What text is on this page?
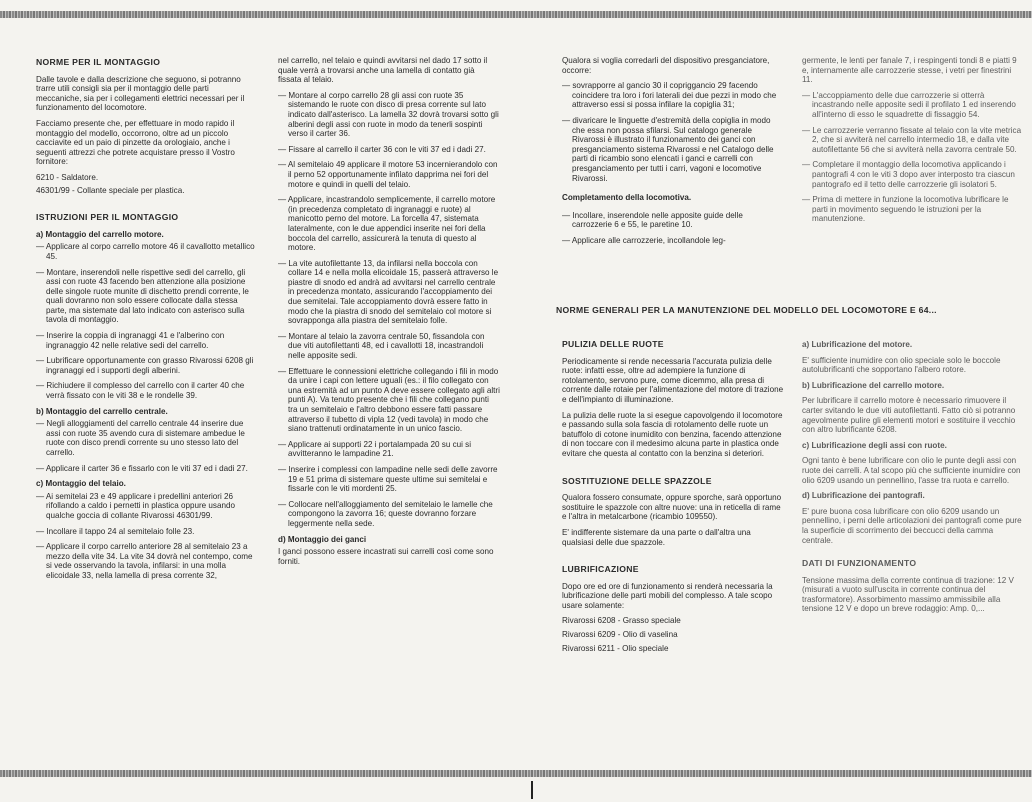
NORME PER IL MONTAGGIO

Dalle tavole e dalla descrizione che seguono, si potranno trarre utili consigli sia per il montaggio delle parti meccaniche, sia per i collegamenti elettrici necessari per il funzionamento del locomotore.

Facciamo presente che, per effettuare in modo rapido il montaggio del modello, occorrono, oltre ad un piccolo cacciavite ed un paio di pinzette da orologiaio, anche i seguenti attrezzi che potrete acquistare presso il Vostro fornitore:

6210 - Saldatore.

46301/99 - Collante speciale per plastica.

ISTRUZIONI PER IL MONTAGGIO
a) Montaggio del carrello motore.

— Applicare al corpo carrello motore 46 il cavallotto metallico 45.

— Montare, inserendoli nelle rispettive sedi del carrello, gli assi con ruote 43 facendo ben attenzione alla posizione delle singole ruote munite di dischetto prendi corrente, le quali dovranno non solo essere collocate dalla stessa parte, ma sistemate dal lato indicato con asterisco sulla tavola di montaggio.

— Inserire la coppia di ingranaggi 41 e l'alberino con ingranaggio 42 nelle relative sedi del carrello.

— Lubrificare opportunamente con grasso Rivarossi 6208 gli ingranaggi ed i supporti degli alberini.

— Richiudere il complesso del carrello con il carter 40 che verrà fissato con le viti 38 e le rondelle 39.

b) Montaggio del carrello centrale.

— Negli alloggiamenti del carrello centrale 44 inserire due assi con ruote 35 avendo cura di sistemare ambedue le ruote con disco prendi corrente su uno stesso lato del carrello.

— Applicare il carter 36 e fissarlo con le viti 37 ed i dadi 27.

c) Montaggio del telaio.

— Ai semitelai 23 e 49 applicare i predellini anteriori 26 rifollando a caldo i pernetti in plastica oppure usando qualche goccia di collante Rivarossi 46301/99.

— Incollare il tappo 24 al semitelaio folle 23.

— Applicare il corpo carrello anteriore 28 al semitelaio 23 a mezzo della vite 34. La vite 34 dovrà nel contempo, come si vede osservando la tavola, infilarsi: in una molla elicoidale 33, nella lamella di presa corrente 32,

nel carrello, nel telaio e quindi avvitarsi nel dado 17 sotto il quale verrà a trovarsi anche una lamella di contatto già fissata al telaio.

— Montare al corpo carrello 28 gli assi con ruote 35 sistemando le ruote con disco di presa corrente sul lato indicato dall'asterisco. La lamella 32 dovrà trovarsi sotto gli alberini degli assi con ruote in modo da tenerli sospinti verso il carter 36.

— Fissare al carrello il carter 36 con le viti 37 ed i dadi 27.

— Al semitelaio 49 applicare il motore 53 incernierandolo con il perno 52 opportunamente infilato dapprima nei fori del motore e quindi in quelli del telaio.

— Applicare, incastrandolo semplicemente, il carrello motore (in precedenza completato di ingranaggi e ruote) al manicotto perno del motore. La forcella 47, sistemata lateralmente, con le due appendici inserite nei fori della boccola del carrello, assicurerà la tenuta di questo al motore.

— La vite autofilettante 13, da infilarsi nella boccola con collare 14 e nella molla elicoidale 15, passerà attraverso le piastre di snodo ed andrà ad avvitarsi nel carrello centrale in precedenza montato, assicurando l'accoppiamento dei due semitelai. Tale accoppiamento dovrà essere fatto in modo che la piastra di snodo del semitelaio col motore si sovrapponga alla piastra del semitelaio folle.

— Montare al telaio la zavorra centrale 50, fissandola con due viti autofilettanti 48, ed i cavallotti 18, incastrandoli nelle apposite sedi.

— Effettuare le connessioni elettriche collegando i fili in modo da unire i capi con lettere uguali (es.: il filo collegato con una estremità ad un punto A deve essere collegato agli altri punti A). Va tenuto presente che i fili che collegano punti tra un semitelaio e l'altro debbono essere fatti passare attraverso il tubetto di vipla 12 (vedi tavola) in modo che siano trattenuti ordinatamente in un unico fascio.

— Applicare ai supporti 22 i portalampada 20 su cui si avvitteranno le lampadine 21.

— Inserire i complessi con lampadine nelle sedi delle zavorre 19 e 51 prima di sistemare queste ultime sui semitelai e fissarle con le viti mordenti 25.

— Collocare nell'alloggiamento del semitelaio le lamelle che compongono la zavorra 16; queste dovranno forzare leggermente nella sede.

d) Montaggio dei ganci

I ganci possono essere incastrati sui carrelli così come sono forniti.

Qualora si voglia corredarli del dispositivo presganciatore, occorre:

— sovrapporre al gancio 30 il copriggancio 29 facendo coincidere tra loro i fori laterali dei due pezzi in modo che attraverso essi si possa infilare la copiglia 31;

— divaricare le linguette d'estremità della copiglia in modo che essa non possa sfilarsi. Sul catalogo generale Rivarossi è illustrato il funzionamento dei ganci con presganciamento sistema Rivarossi e nel Catalogo delle parti di ricambio sono elencati i ganci e carrelli con presganciamento per tutti i carri, vagoni e locomotive Rivarossi.

Completamento della locomotiva.

— Incollare, inserendole nelle apposite guide delle carrozzerie 6 e 55, le paretine 10.

— Applicare alle carrozzerie, incollandole leg-

germente, le lenti per fanale 7, i respingenti tondi 8 e piatti 9 e, internamente alle carrozzerie stesse, i vetri per finestrini 11.

— L'accoppiamento delle due carrozzerie si otterrà incastrando nelle apposite sedi il profilato 1 ed inserendo all'interno di esso le squadrette di fissaggio 54.

— Le carrozzerie verranno fissate al telaio con la vite metrica 2, che si avviterà nel carrello intermedio 18, e dalla vite autofilettante 56 che si avviterà nella zavorra centrale 50.

— Completare il montaggio della locomotiva applicando i pantografi 4 con le viti 3 dopo aver interposto tra ciascun pantografo ed il tetto delle carrozzerie gli isolatori 5.

— Prima di mettere in funzione la locomotiva lubrificare le parti in movimento seguendo le istruzioni per la manutenzione.

NORME GENERALI PER LA MANUTENZIONE DEL MODELLO DEL LOCOMOTORE E 64...
PULIZIA DELLE RUOTE

Periodicamente si rende necessaria l'accurata pulizia delle ruote: infatti esse, oltre ad adempiere la funzione di rotolamento, servono pure, come dicemmo, alla presa di corrente dalle rotaie per l'alimentazione del motore di trazione e dell'impianto di illuminazione.

La pulizia delle ruote la si esegue capovolgendo il locomotore e passando sulla sola fascia di rotolamento delle ruote un batuffolo di cotone inumidito con benzina, facendo attenzione di non toccare con il medesimo alcuna parte in plastica onde evitare che questa al contatto con la benzina si deteriori.

SOSTITUZIONE DELLE SPAZZOLE

Qualora fossero consumate, oppure sporche, sarà opportuno sostituire le spazzole con altre nuove: una in reticella di rame e l'altra in metalcarbone (ricambio 109550).

E' indifferente sistemare da una parte o dall'altra una qualsiasi delle due spazzole.

LUBRIFICAZIONE

Dopo ore ed ore di funzionamento si renderà necessaria la lubrificazione delle parti mobili del complesso. A tale scopo usare solamente:

Rivarossi 6208 - Grasso speciale

Rivarossi 6209 - Olio di vaselina

Rivarossi 6211 - Olio speciale

a) Lubrificazione del motore.

E' sufficiente inumidire con olio speciale solo le boccole autolubrificanti che sopportano l'albero rotore.

b) Lubrificazione del carrello motore.

Per lubrificare il carrello motore è necessario rimuovere il carter svitando le due viti autofilettanti. Fatto ciò si potranno agevolmente pulire gli elementi motori e sostituire il vecchio con altro lubrificante 6208.

c) Lubrificazione degli assi con ruote.

Ogni tanto è bene lubrificare con olio le punte degli assi con ruote dei carrelli. A tal scopo più che sufficiente inumidire con olio 6209 usando un pennellino, l'asse tra ruota e carrello.

d) Lubrificazione dei pantografi.

E' pure buona cosa lubrificare con olio 6209 usando un pennellino, i perni delle articolazioni dei pantografi come pure la superficie di scorrimento dei beccucci della camma centrale.

DATI DI FUNZIONAMENTO

Tensione massima della corrente continua di trazione: 12 V (misurati a vuoto sull'uscita in corrente continua del trasformatore). Assorbimento massimo ammissibile alla tensione 12 V e dopo un breve rodaggio: Amp. 0,...
